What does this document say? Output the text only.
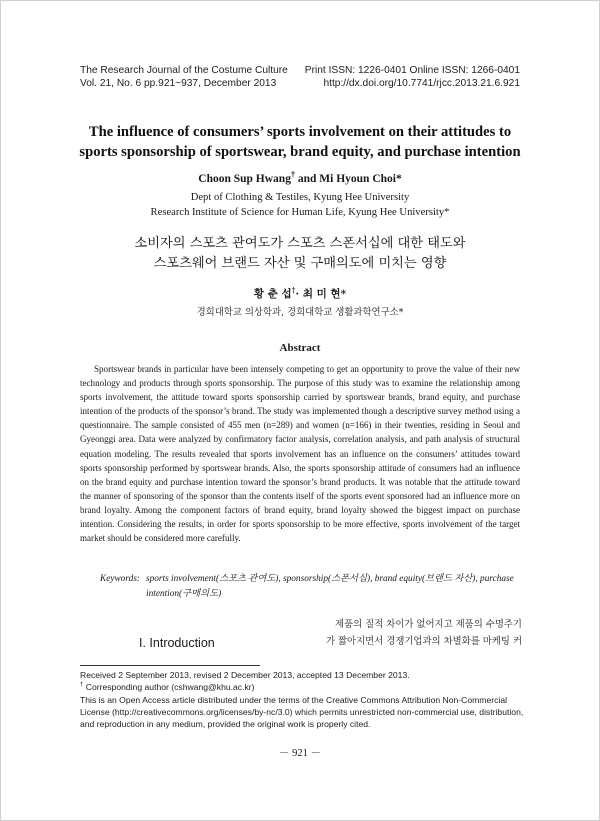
The Research Journal of the Costume Culture
Vol. 21, No. 6 pp.921~937, December 2013
Print ISSN: 1226-0401 Online ISSN: 1266-0401
http://dx.doi.org/10.7741/rjcc.2013.21.6.921
The influence of consumers’ sports involvement on their attitudes to
sports sponsorship of sportswear, brand equity, and purchase intention
Choon Sup Hwang† and Mi Hyoun Choi*
Dept of Clothing & Testiles, Kyung Hee University
Research Institute of Science for Human Life, Kyung Hee University*
소비자의 스포츠 관여도가 스포츠 스폰서십에 대한 태도와
스포츠웨어 브랜드 자산 및 구매의도에 미치는 영향
황 춘 섭†· 최 미 현*
경희대학교 의상학과, 경희대학교 생활과학연구소*
Abstract
Sportswear brands in particular have been intensely competing to get an opportunity to prove the value of their new technology and products through sports sponsorship. The purpose of this study was to examine the relationship among sports involvement, the attitude toward sports sponsorship carried by sportswear brands, brand equity, and purchase intention of the products of the sponsor’s brand. The study was implemented though a descriptive survey method using a questionnaire. The sample consisted of 455 men (n=289) and women (n=166) in their twenties, residing in Seoul and Gyeonggi area. Data were analyzed by confirmatory factor analysis, correlation analysis, and path analysis of structural equation modeling. The results revealed that sports involvement has an influence on the consumers’ attitudes toward sports sponsorship performed by sportswear brands. Also, the sports sponsorship attitude of consumers had an influence on the brand equity and purchase intention toward the sponsor’s brand products. It was notable that the attitude toward the manner of sponsoring of the sponsor than the contents itself of the sports event sponsored had an influence more on brand loyalty. Among the component factors of brand equity, brand loyalty showed the biggest impact on purchase intention. Considering the results, in order for sports sponsorship to be more effective, sports involvement of the target market should be considered more carefully.
Keywords: sports involvement(스포츠 관여도), sponsorship(스폰서십), brand equity(브랜드 자산), purchase
intention(구매의도)
I. Introduction
제품의 질적 차이가 없어지고 제품의 수명주기
가 짧아지면서 경쟁기업과의 차별화를 마케팅 커

Received 2 September 2013, revised 2 December 2013, accepted 13 December 2013.

† Corresponding author (cshwang@khu.ac.kr)

This is an Open Access article distributed under the terms of the Creative Commons Attribution Non-Commercial License (http://creativecommons.org/licenses/by-nc/3.0) which permits unrestricted non-commercial use, distribution, and reproduction in any medium, provided the original work is properly cited.

－ 921 －
